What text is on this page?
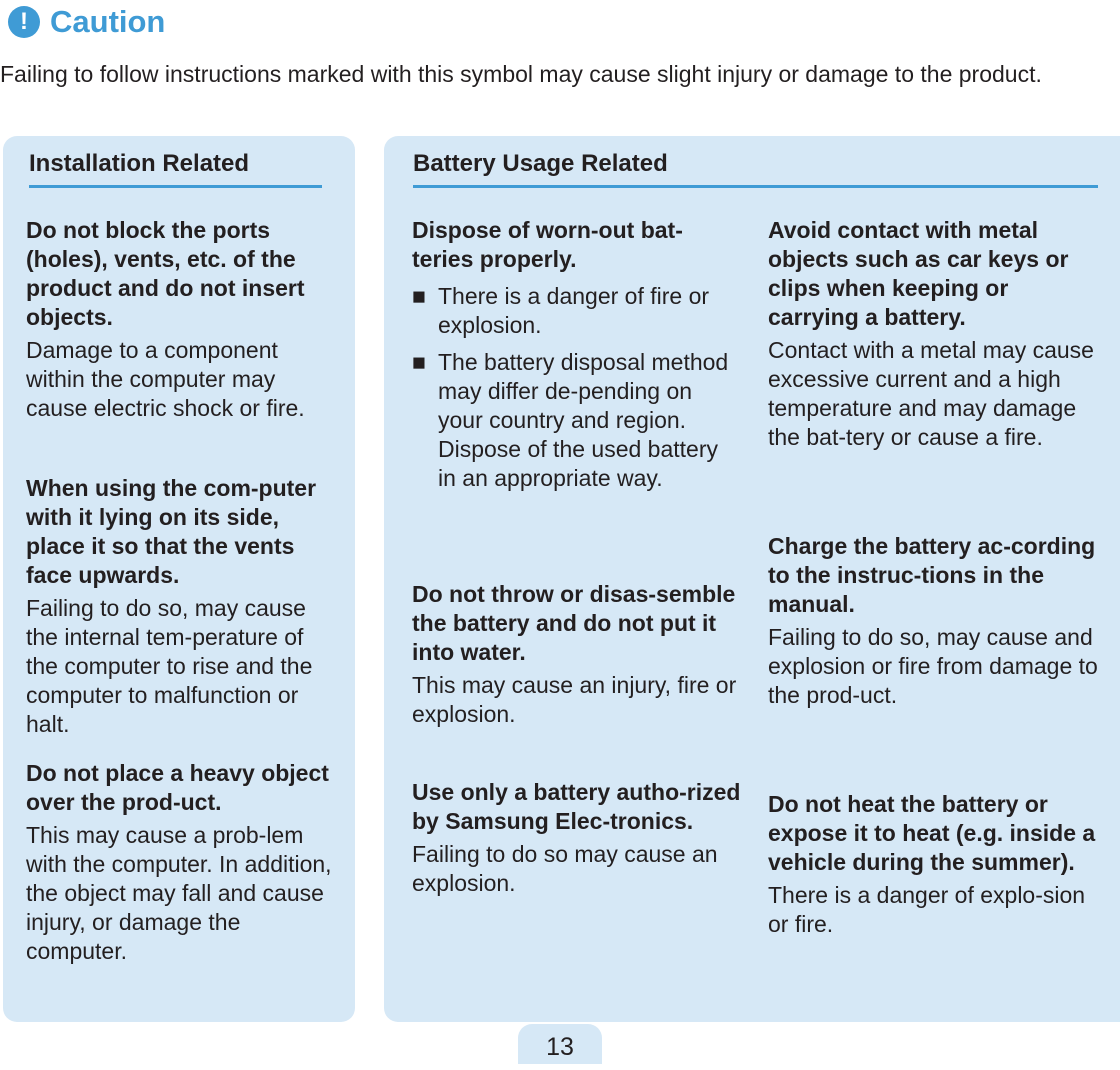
! Caution

Failing to follow instructions marked with this symbol may cause slight injury or damage to the product.

Installation Related

Do not block the ports (holes), vents, etc. of the product and do not insert objects.

Damage to a component within the computer may cause electric shock or fire.

When using the com-puter with it lying on its side, place it so that the vents face upwards.

Failing to do so, may cause the internal tem-perature of the computer to rise and the computer to malfunction or halt.

Do not place a heavy object over the prod-uct.

This may cause a prob-lem with the computer. In addition, the object may fall and cause injury, or damage the computer.

Battery Usage Related

Dispose of worn-out bat-teries properly.

■ There is a danger of fire or explosion.
■ The battery disposal method may differ de-pending on your country and region. Dispose of the used battery in an appropriate way.

Do not throw or disas-semble the battery and do not put it into water.

This may cause an injury, fire or explosion.

Use only a battery autho-rized by Samsung Elec-tronics.

Failing to do so may cause an explosion.

Avoid contact with metal objects such as car keys or clips when keeping or carrying a battery.

Contact with a metal may cause excessive current and a high temperature and may damage the bat-tery or cause a fire.

Charge the battery ac-cording to the instruc-tions in the manual.

Failing to do so, may cause and explosion or fire from damage to the prod-uct.

Do not heat the battery or expose it to heat (e.g. inside a vehicle during the summer).

There is a danger of explo-sion or fire.

13
